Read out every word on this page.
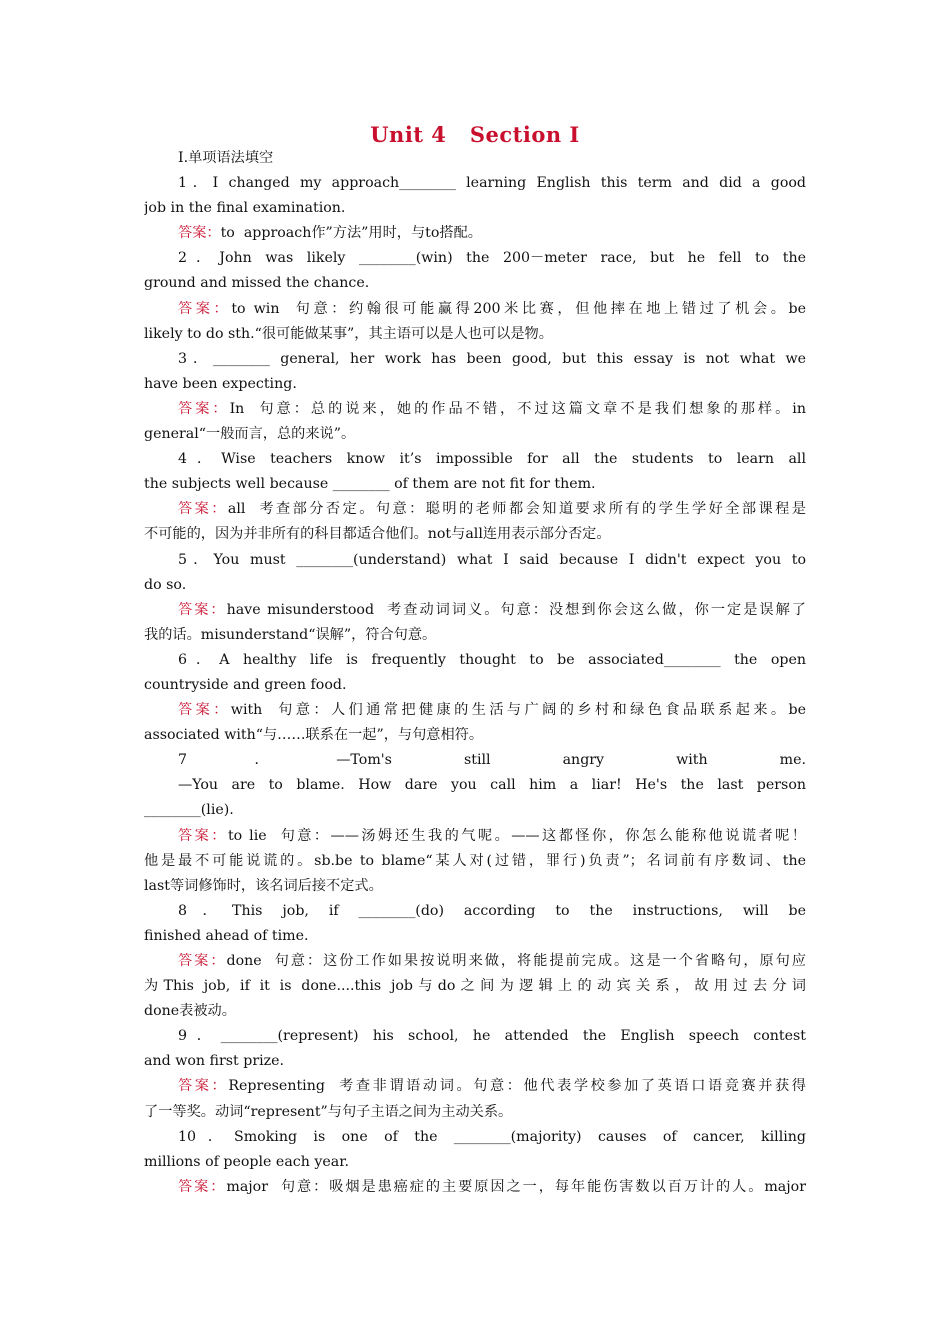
Unit 4   Section Ⅰ
Ⅰ.单项语法填空
1．I changed my approach________ learning English this term and did a good
job in the final examination.
答案：to  approach作”方法”用时，与to搭配。
2．John was likely ________(win) the 200－meter race, but he fell to the
ground and missed the chance.
答案：to win  句意：约翰很可能赢得200米比赛，但他摔在地上错过了机会。be
likely to do sth.“很可能做某事”，其主语可以是人也可以是物。
3．________ general, her work has been good, but this essay is not what we
have been expecting.
答案：In  句意：总的说来，她的作品不错，不过这篇文章不是我们想象的那样。in
general“一般而言，总的来说”。
4．Wise teachers know it’s impossible for all the students to learn all
the subjects well because ________ of them are not fit for them.
答案：all  考查部分否定。句意：聪明的老师都会知道要求所有的学生学好全部课程是
不可能的，因为并非所有的科目都适合他们。not与all连用表示部分否定。
5．You must ________(understand) what I said because I didn't expect you to
do so.
答案：have misunderstood  考查动词词义。句意：没想到你会这么做，你一定是误解了
我的话。misunderstand“误解”，符合句意。
6．A healthy life is frequently thought to be associated________ the open
countryside and green food.
答案：with  句意：人们通常把健康的生活与广阔的乡村和绿色食品联系起来。be
associated with“与……联系在一起”，与句意相符。
7．—Tom's still angry with me.
—You are to blame. How dare you call him a liar! He's the last person
________(lie).
答案：to lie  句意：——汤姆还生我的气呢。——这都怪你，你怎么能称他说谎者呢！
他是最不可能说谎的。sb.be to blame“某人对(过错，罪行)负责”；名词前有序数词、the
last等词修饰时，该名词后接不定式。
8．This job, if ________(do) according to the instructions, will be
finished ahead of time.
答案：done  句意：这份工作如果按说明来做，将能提前完成。这是一个省略句，原句应
为This job, if it is done....this job与do之间为逻辑上的动宾关系，故用过去分词
done表被动。
9．________(represent) his school, he attended the English speech contest
and won first prize.
答案：Representing  考查非谓语动词。句意：他代表学校参加了英语口语竞赛并获得
了一等奖。动词“represent”与句子主语之间为主动关系。
10．Smoking is one of the ________(majority) causes of cancer, killing
millions of people each year.
答案：major  句意：吸烟是患癌症的主要原因之一，每年能伤害数以百万计的人。major
